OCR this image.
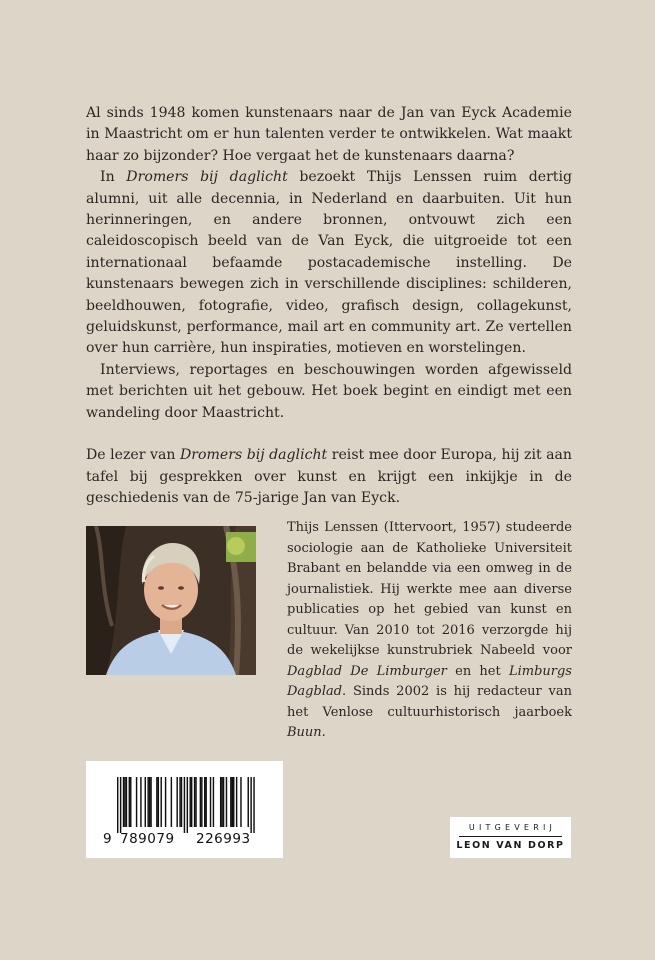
Al sinds 1948 komen kunstenaars naar de Jan van Eyck Academie in Maastricht om er hun talenten verder te ontwikkelen. Wat maakt haar zo bijzonder? Hoe vergaat het de kunstenaars daarna?

In Dromers bij daglicht bezoekt Thijs Lenssen ruim dertig alumni, uit alle decennia, in Nederland en daarbuiten. Uit hun herinneringen, en andere bronnen, ontvouwt zich een caleidoscopisch beeld van de Van Eyck, die uitgroeide tot een internationaal befaamde postacademische instelling. De kunstenaars bewegen zich in verschillende disciplines: schilderen, beeldhouwen, fotografie, video, grafisch design, collagekunst, geluidskunst, performance, mail art en community art. Ze vertellen over hun carrière, hun inspiraties, motieven en worstelingen.

Interviews, reportages en beschouwingen worden afgewisseld met berichten uit het gebouw. Het boek begint en eindigt met een wandeling door Maastricht.

De lezer van Dromers bij daglicht reist mee door Europa, hij zit aan tafel bij gesprekken over kunst en krijgt een inkijkje in de geschiedenis van de 75-jarige Jan van Eyck.

Thijs Lenssen (Ittervoort, 1957) studeerde sociologie aan de Katholieke Universiteit Brabant en belandde via een omweg in de journalistiek. Hij werkte mee aan diverse publicaties op het gebied van kunst en cultuur. Van 2010 tot 2016 verzorgde hij de wekelijkse kunstrubriek Nabeeld voor Dagblad De Limburger en het Limburgs Dagblad. Sinds 2002 is hij redacteur van het Venlose cultuurhistorisch jaarboek Buun.

9 789079 226993
UITGEVERIJ
LEON VAN DORP
